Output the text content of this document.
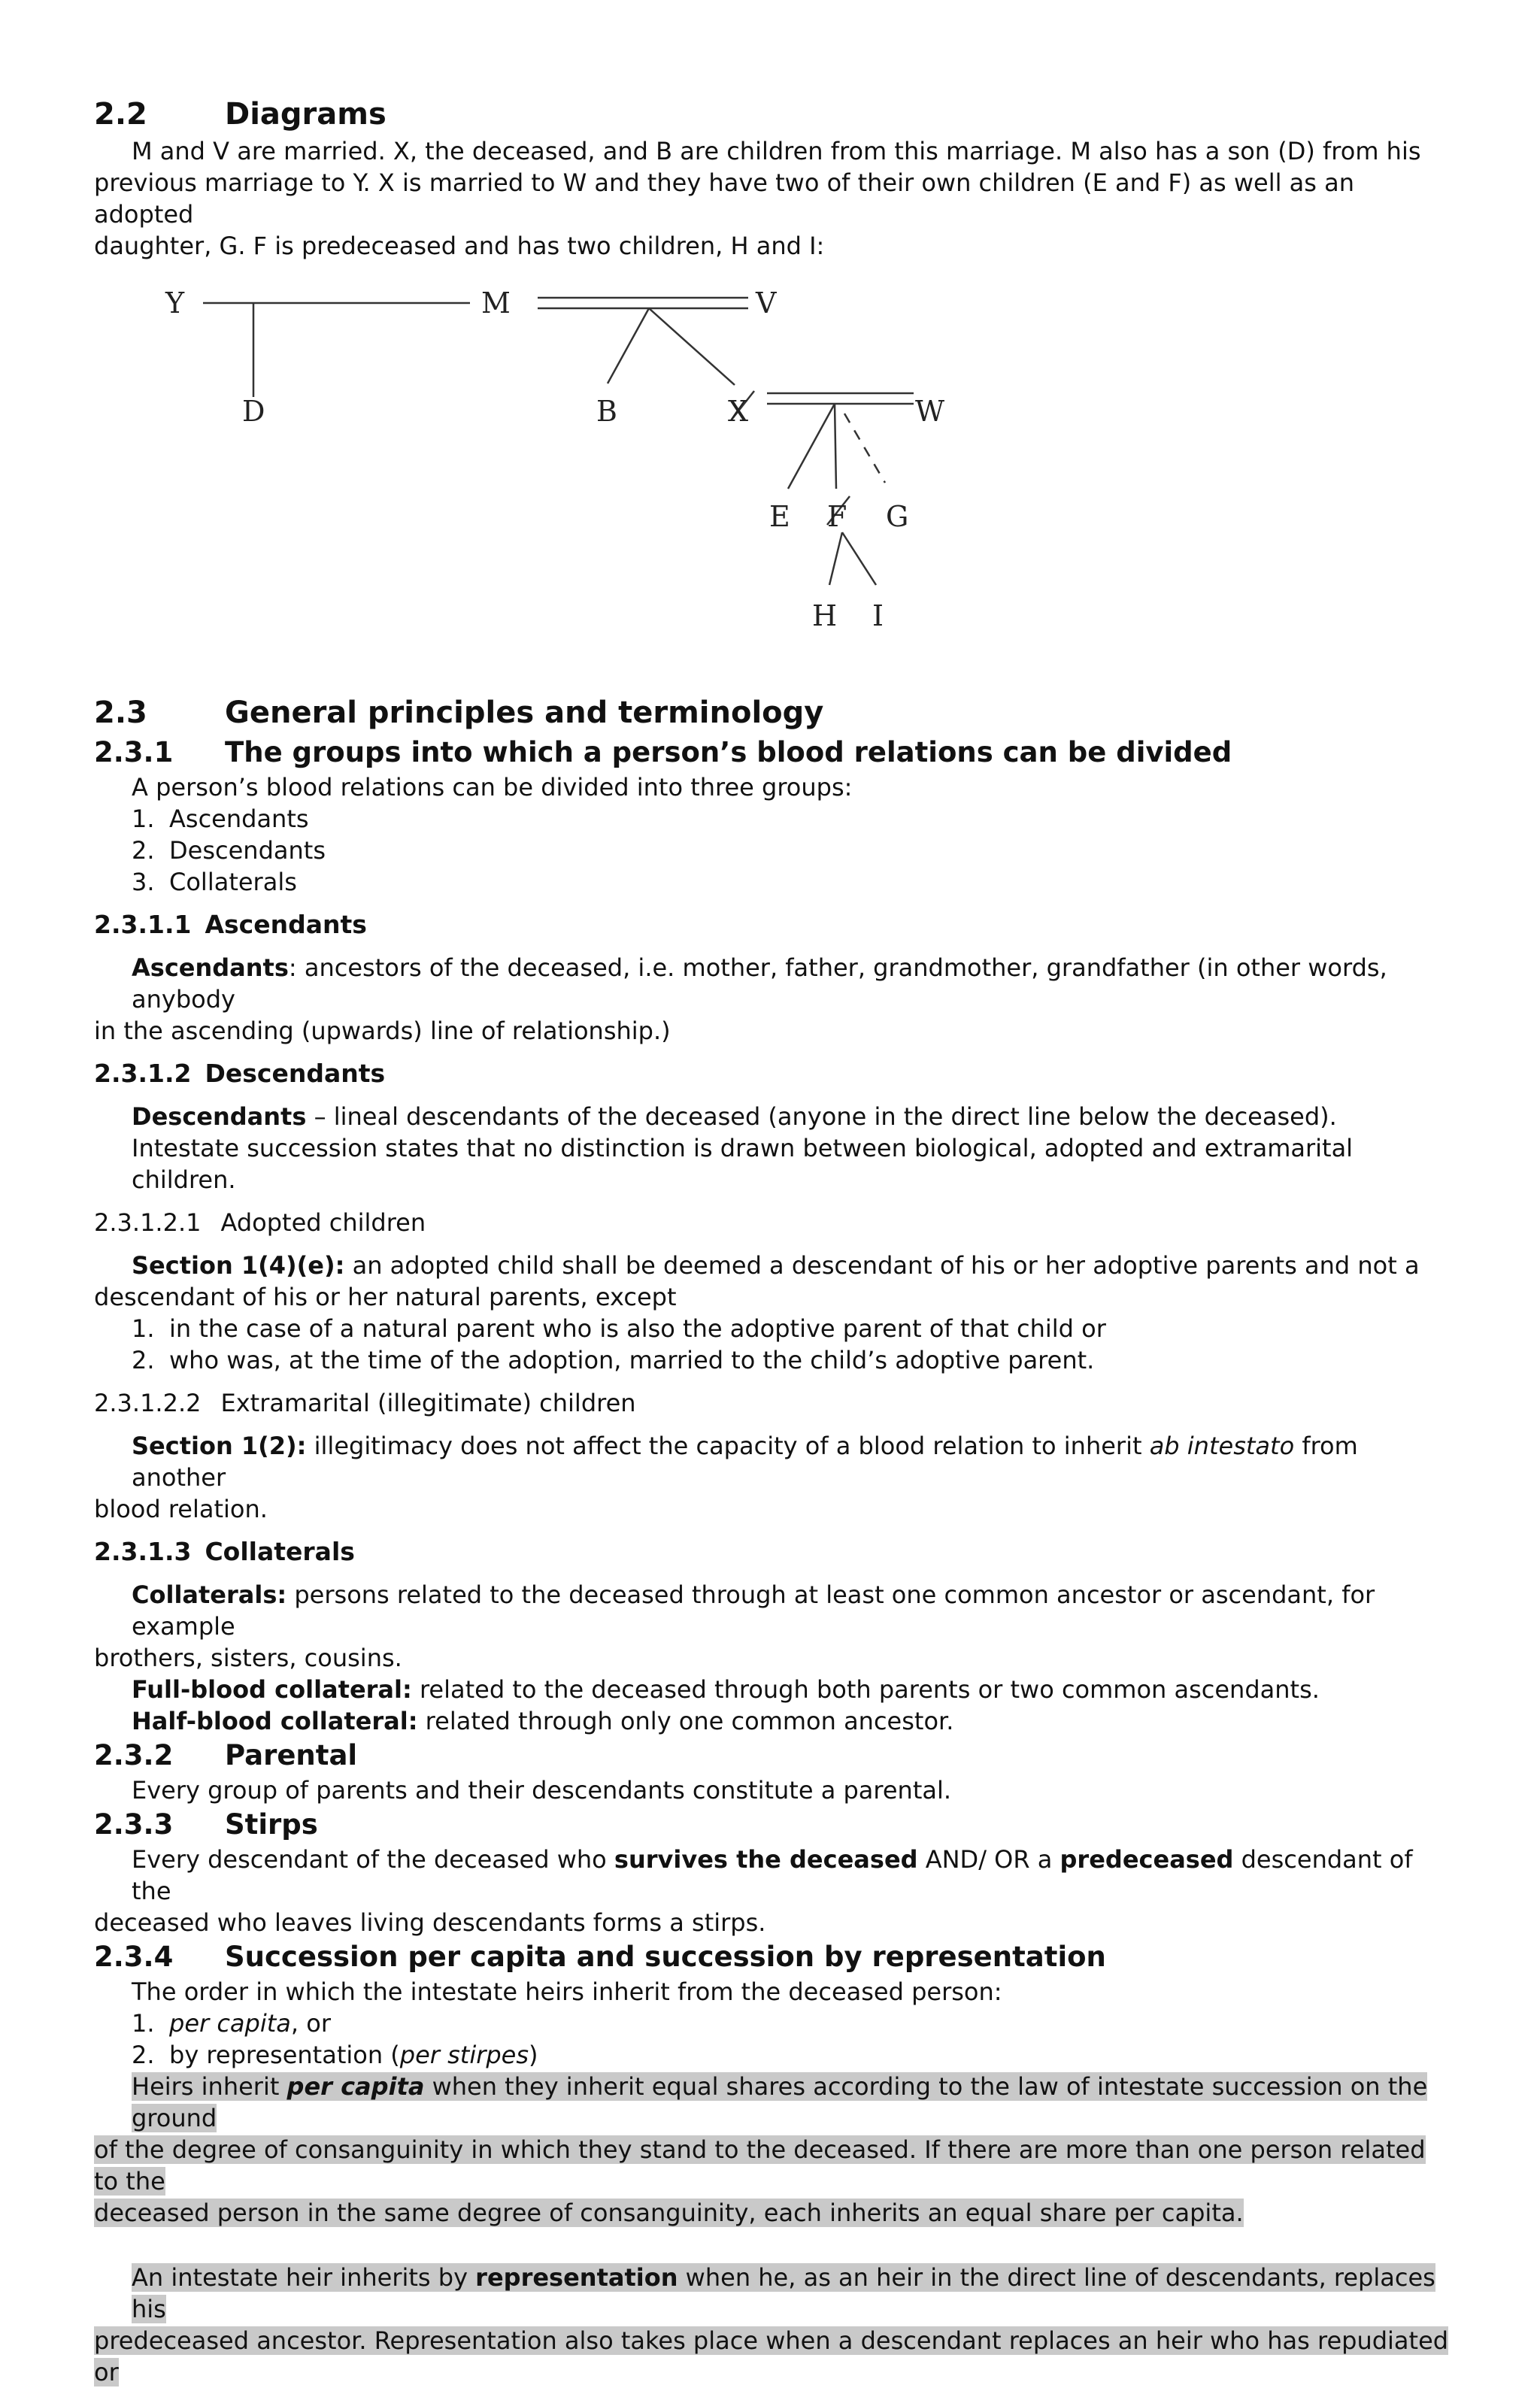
2.2	Diagrams

M and V are married. X, the deceased, and B are children from this marriage. M also has a son (D) from his

previous marriage to Y. X is married to W and they have two of their own children (E and F) as well as an adopted

daughter, G. F is predeceased and has two children, H and I:

Y	M	V
D	B	X	W
E F G
H I
2.3	General principles and terminology
2.3.1 The groups into which a person’s blood relations can be divided

A person’s blood relations can be divided into three groups:

1. Ascendants
2. Descendants
3. Collaterals
2.3.1.1 Ascendants

Ascendants: ancestors of the deceased, i.e. mother, father, grandmother, grandfather (in other words, anybody

in the ascending (upwards) line of relationship.)

2.3.1.2 Descendants

Descendants – lineal descendants of the deceased (anyone in the direct line below the deceased).

Intestate succession states that no distinction is drawn between biological, adopted and extramarital children.

2.3.1.2.1 Adopted children

Section 1(4)(e): an adopted child shall be deemed a descendant of his or her adoptive parents and not a

descendant of his or her natural parents, except

1. in the case of a natural parent who is also the adoptive parent of that child or
2. who was, at the time of the adoption, married to the child’s adoptive parent.
2.3.1.2.2 Extramarital (illegitimate) children

Section 1(2): illegitimacy does not affect the capacity of a blood relation to inherit ab intestato from another

blood relation.

2.3.1.3 Collaterals

Collaterals: persons related to the deceased through at least one common ancestor or ascendant, for example

brothers, sisters, cousins.

Full-blood collateral: related to the deceased through both parents or two common ascendants.

Half-blood collateral: related through only one common ancestor.

2.3.2 Parental

Every group of parents and their descendants constitute a parental.

2.3.3 Stirps

Every descendant of the deceased who survives the deceased AND/ OR a predeceased descendant of the

deceased who leaves living descendants forms a stirps.

2.3.4 Succession per capita and succession by representation

The order in which the intestate heirs inherit from the deceased person:

1. per capita, or
2. by representation (per stirpes)

Heirs inherit per capita when they inherit equal shares according to the law of intestate succession on the ground

of the degree of consanguinity in which they stand to the deceased. If there are more than one person related to the

deceased person in the same degree of consanguinity, each inherits an equal share per capita.

An intestate heir inherits by representation when he, as an heir in the direct line of descendants, replaces his

predeceased ancestor. Representation also takes place when a descendant replaces an heir who has repudiated or
